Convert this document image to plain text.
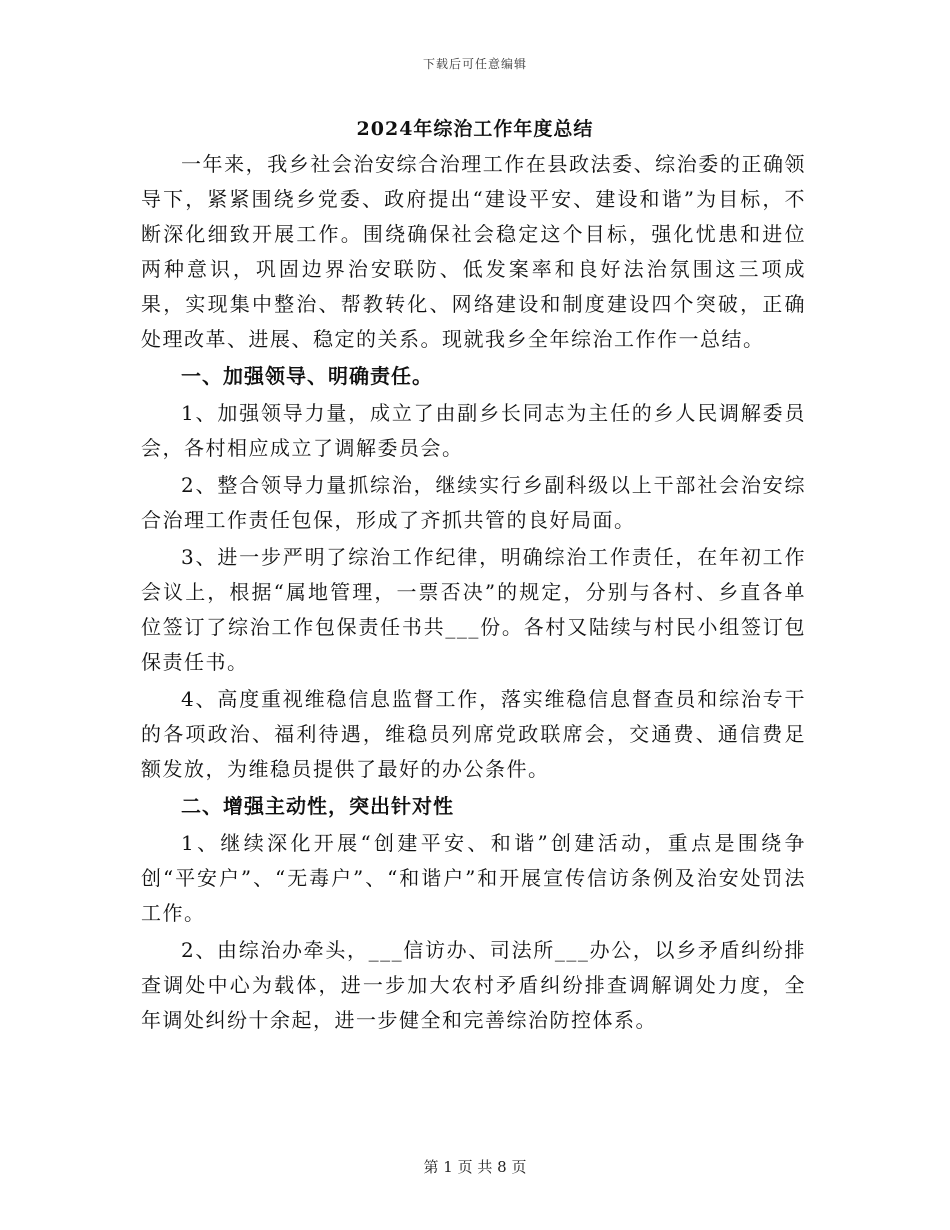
下载后可任意编辑
2024年综治工作年度总结

一年来，我乡社会治安综合治理工作在县政法委、综治委的正确领导下，紧紧围绕乡党委、政府提出“建设平安、建设和谐”为目标，不断深化细致开展工作。围绕确保社会稳定这个目标，强化忧患和进位两种意识，巩固边界治安联防、低发案率和良好法治氛围这三项成果，实现集中整治、帮教转化、网络建设和制度建设四个突破，正确处理改革、进展、稳定的关系。现就我乡全年综治工作作一总结。

一、加强领导、明确责任。

1、加强领导力量，成立了由副乡长同志为主任的乡人民调解委员会，各村相应成立了调解委员会。

2、整合领导力量抓综治，继续实行乡副科级以上干部社会治安综合治理工作责任包保，形成了齐抓共管的良好局面。

3、进一步严明了综治工作纪律，明确综治工作责任，在年初工作会议上，根据“属地管理，一票否决”的规定，分别与各村、乡直各单位签订了综治工作包保责任书共___份。各村又陆续与村民小组签订包保责任书。

4、高度重视维稳信息监督工作，落实维稳信息督查员和综治专干的各项政治、福利待遇，维稳员列席党政联席会，交通费、通信费足额发放，为维稳员提供了最好的办公条件。

二、增强主动性，突出针对性

1、继续深化开展“创建平安、和谐”创建活动，重点是围绕争创“平安户”、“无毒户”、“和谐户”和开展宣传信访条例及治安处罚法工作。

2、由综治办牵头，___信访办、司法所___办公，以乡矛盾纠纷排查调处中心为载体，进一步加大农村矛盾纠纷排查调解调处力度，全年调处纠纷十余起，进一步健全和完善综治防控体系。

第 1 页 共 8 页
